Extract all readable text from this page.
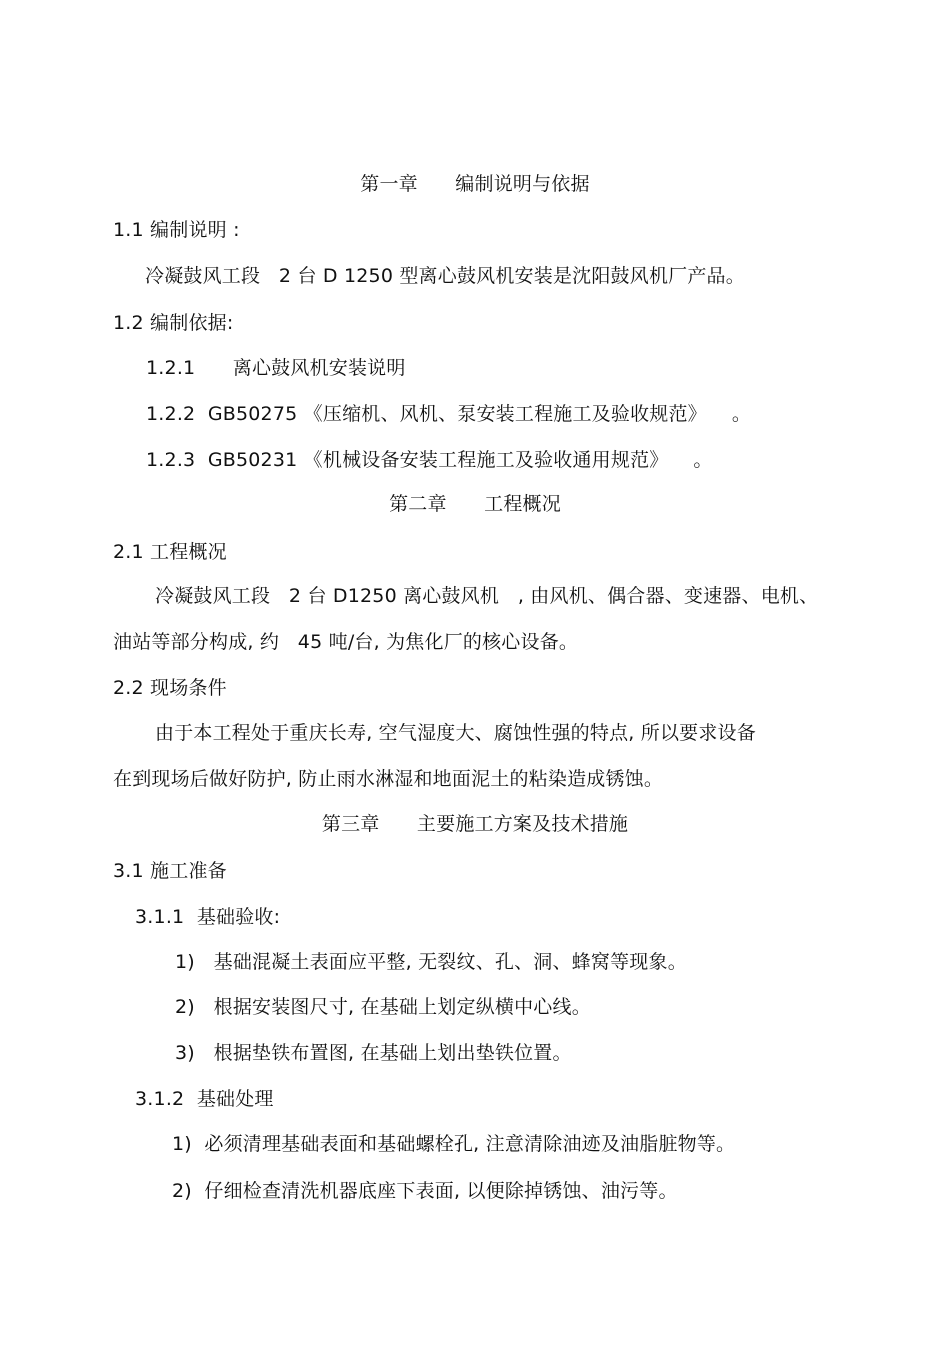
第一章      编制说明与依据
1.1 编制说明 :
冷凝鼓风工段   2 台 D 1250 型离心鼓风机安装是沈阳鼓风机厂产品。
1.2 编制依据:
1.2.1      离心鼓风机安装说明
1.2.2  GB50275 《压缩机、风机、泵安装工程施工及验收规范》    。
1.2.3  GB50231 《机械设备安装工程施工及验收通用规范》    。
第二章      工程概况
2.1 工程概况
冷凝鼓风工段   2 台 D1250 离心鼓风机   , 由风机、偶合器、变速器、电机、
油站等部分构成, 约   45 吨/台, 为焦化厂的核心设备。
2.2 现场条件
由于本工程处于重庆长寿, 空气湿度大、腐蚀性强的特点, 所以要求设备
在到现场后做好防护, 防止雨水淋湿和地面泥土的粘染造成锈蚀。
第三章      主要施工方案及技术措施
3.1 施工准备
3.1.1  基础验收:
1)   基础混凝土表面应平整, 无裂纹、孔、洞、蜂窝等现象。
2)   根据安装图尺寸, 在基础上划定纵横中心线。
3)   根据垫铁布置图, 在基础上划出垫铁位置。
3.1.2  基础处理
1)  必须清理基础表面和基础螺栓孔, 注意清除油迹及油脂脏物等。
2)  仔细检查清洗机器底座下表面, 以便除掉锈蚀、油污等。
